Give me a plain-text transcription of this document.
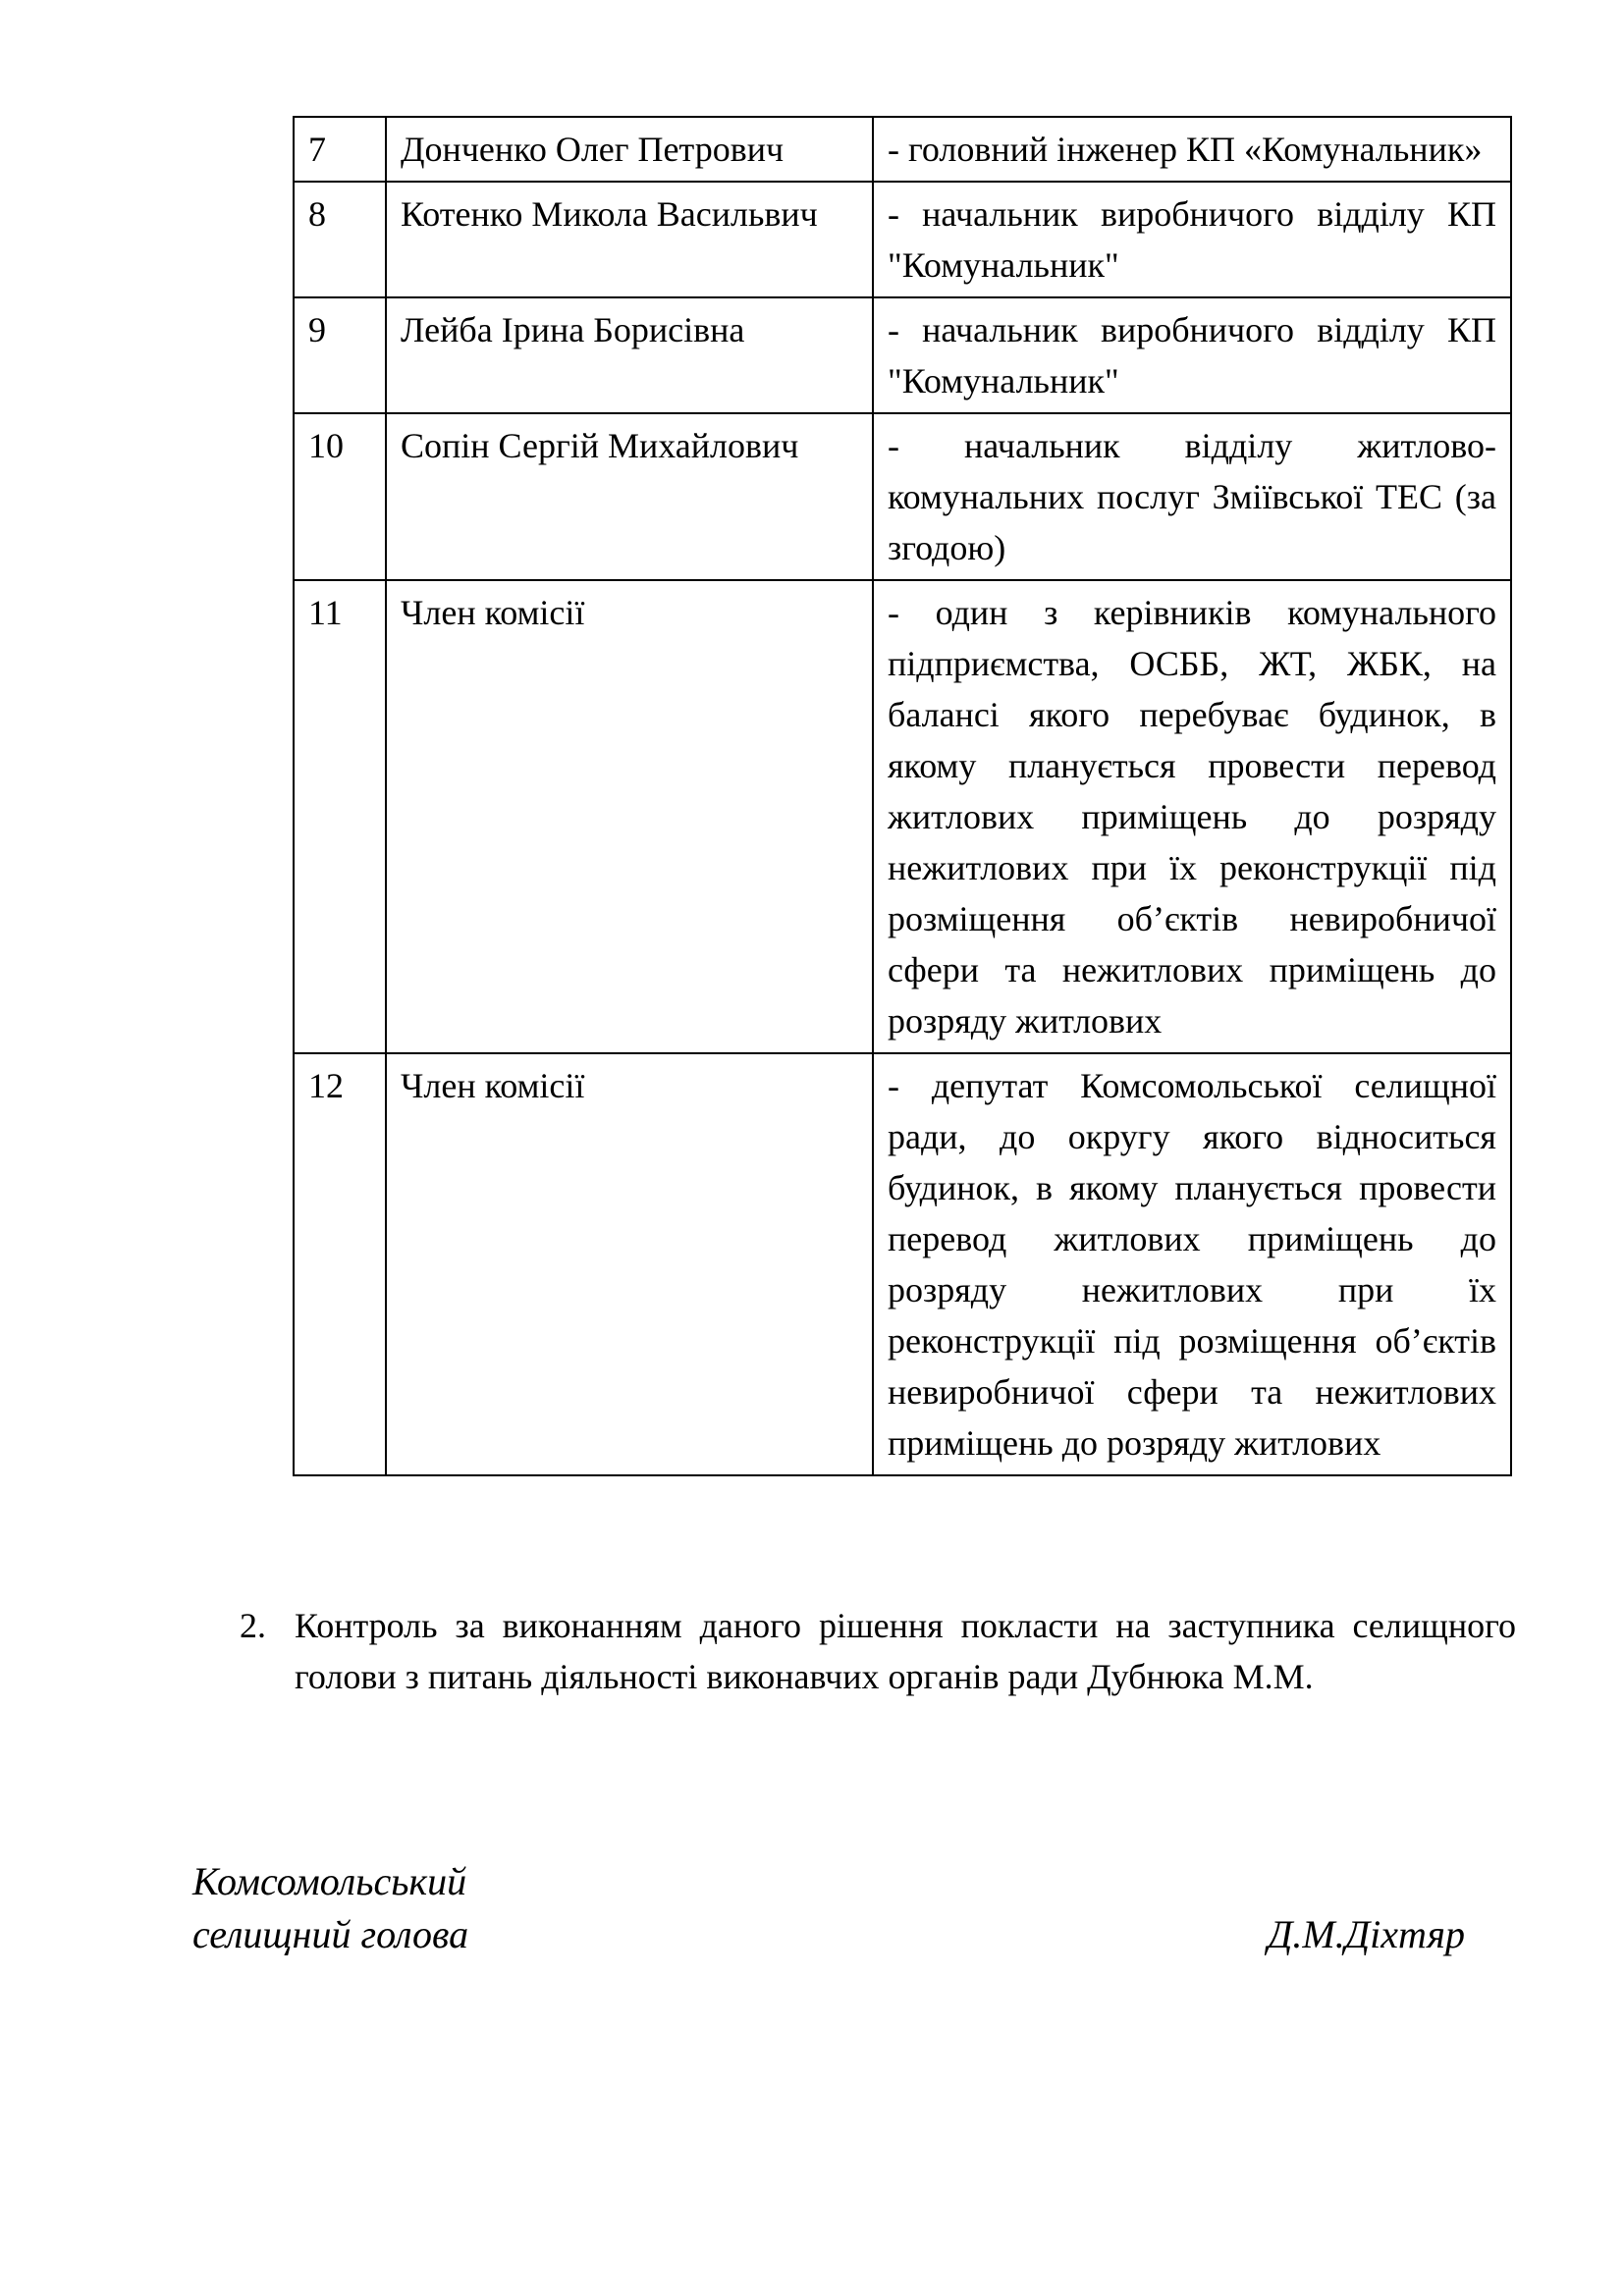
7	Донченко Олег Петрович	- головний інженер КП «Комунальник»
8	Котенко Микола Васильвич	- начальник виробничого відділу КП "Комунальник"
9	Лейба Ірина Борисівна	- начальник виробничого відділу КП "Комунальник"
10	Сопін Сергій Михайлович	- начальник відділу житлово-комунальних послуг Зміївської ТЕС (за згодою)
11	Член комісії	- один з керівників комунального підприємства, ОСББ, ЖТ, ЖБК, на балансі якого перебуває будинок, в якому планується провести перевод житлових приміщень до розряду нежитлових при їх реконструкції під розміщення об’єктів невиробничої сфери та нежитлових приміщень до розряду житлових
12	Член комісії	- депутат Комсомольської селищної ради, до округу якого відноситься будинок, в якому планується провести перевод житлових приміщень до розряду нежитлових при їх реконструкції під розміщення об’єктів невиробничої сфери та нежитлових приміщень до розряду житлових
2. Контроль за виконанням даного рішення покласти на заступника селищного голови з питань діяльності виконавчих органів ради Дубнюка М.М.
Комсомольський
селищний голова	Д.М.Діхтяр
